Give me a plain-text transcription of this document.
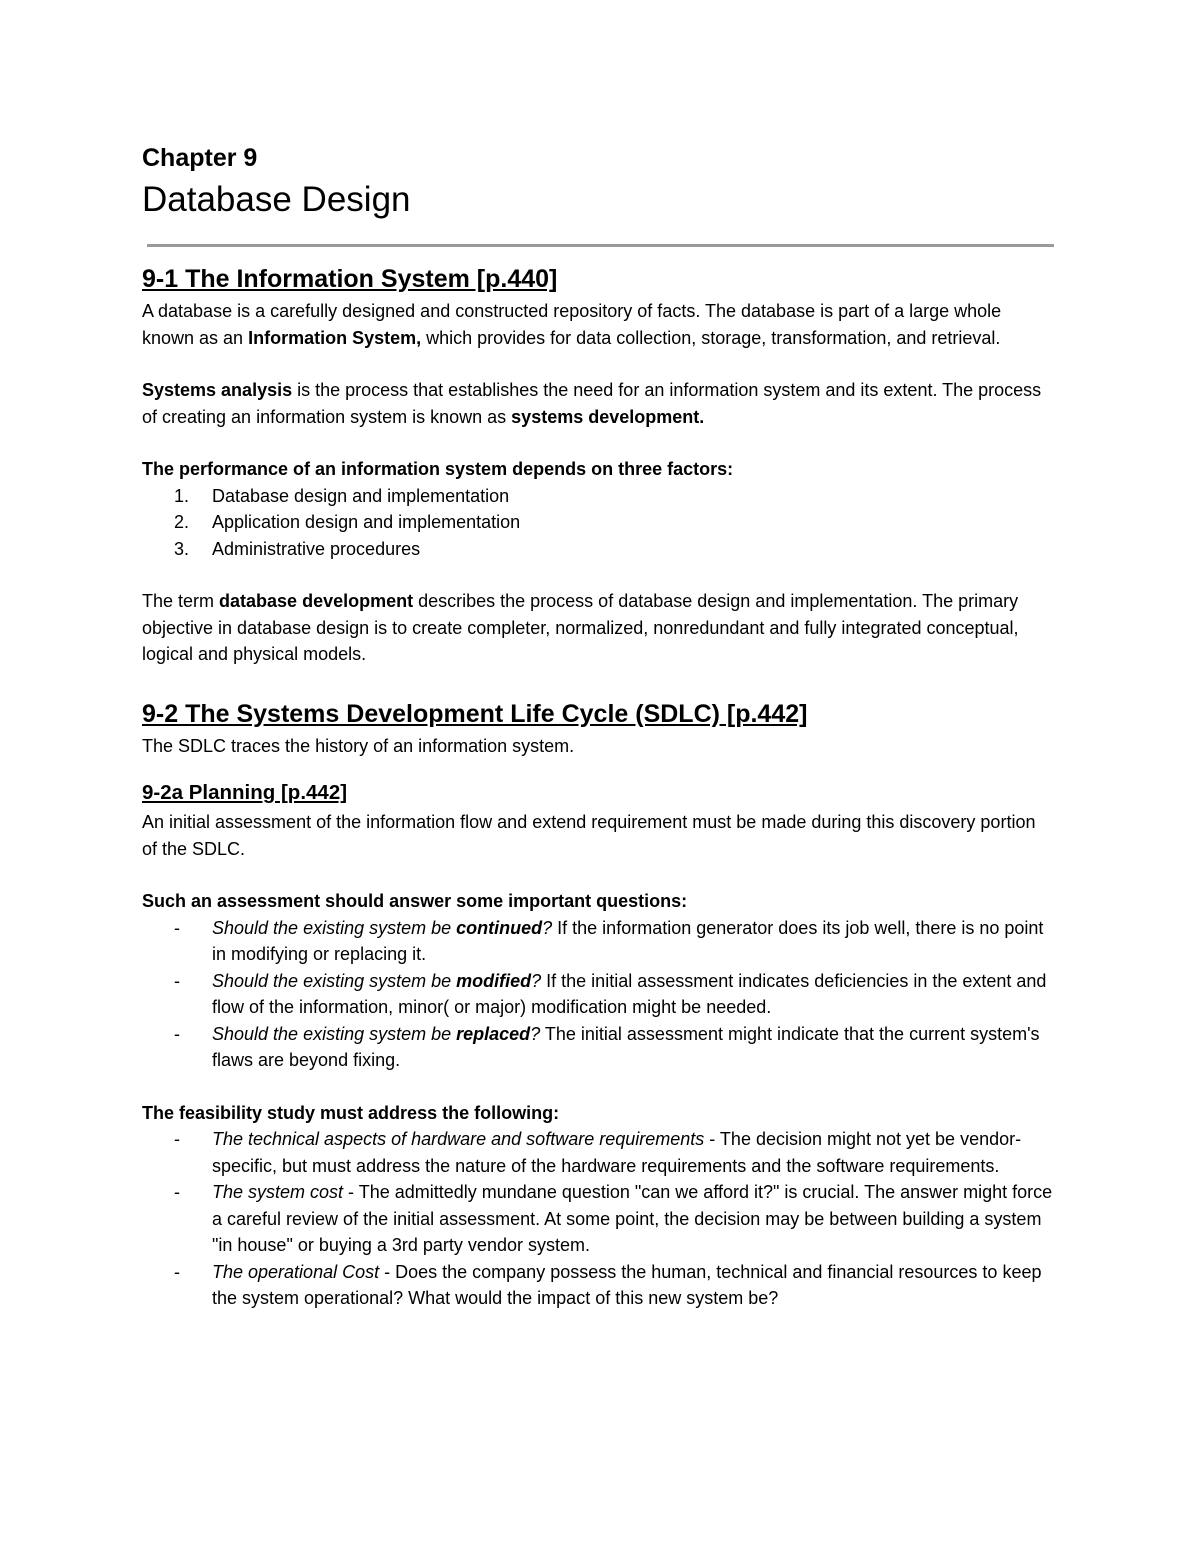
Chapter 9
Database Design
9-1 The Information System [p.440]

A database is a carefully designed and constructed repository of facts. The database is part of a large whole known as an Information System, which provides for data collection, storage, transformation, and retrieval.

Systems analysis is the process that establishes the need for an information system and its extent. The process of creating an information system is known as systems development.

The performance of an information system depends on three factors:

1. Database design and implementation
2. Application design and implementation
3. Administrative procedures

The term database development describes the process of database design and implementation. The primary objective in database design is to create completer, normalized, nonredundant and fully integrated conceptual, logical and physical models.

9-2 The Systems Development Life Cycle (SDLC) [p.442]

The SDLC traces the history of an information system.

9-2a Planning [p.442]

An initial assessment of the information flow and extend requirement must be made during this discovery portion of the SDLC.

Such an assessment should answer some important questions:

- Should the existing system be continued? If the information generator does its job well, there is no point in modifying or replacing it.
- Should the existing system be modified? If the initial assessment indicates deficiencies in the extent and flow of the information, minor( or major) modification might be needed.
- Should the existing system be replaced? The initial assessment might indicate that the current system's flaws are beyond fixing.

The feasibility study must address the following:

- The technical aspects of hardware and software requirements - The decision might not yet be vendor-specific, but must address the nature of the hardware requirements and the software requirements.
- The system cost - The admittedly mundane question "can we afford it?" is crucial. The answer might force a careful review of the initial assessment. At some point, the decision may be between building a system "in house" or buying a 3rd party vendor system.
- The operational Cost - Does the company possess the human, technical and financial resources to keep the system operational? What would the impact of this new system be?
